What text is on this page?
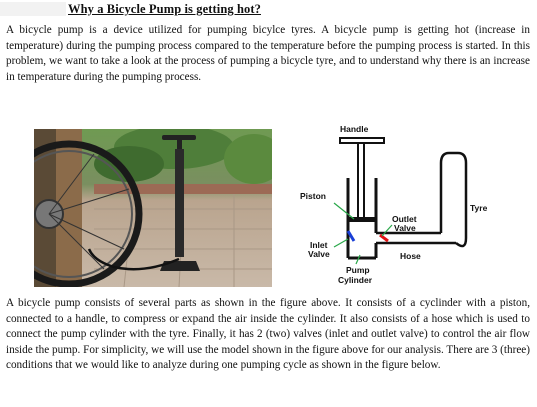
Why a Bicycle Pump is getting hot?

A bicycle pump is a device utilized for pumping bicylce tyres. A bicycle pump is getting hot (increase in temperature) during the pumping process compared to the temperature before the pumping process is started. In this problem, we want to take a look at the process of pumping a bicycle tyre, and to understand why there is an increase in temperature during the pumping process.

Handle
Piston
Tyre
Outlet
Valve
Inlet
Valve	Hose
Pump
Cylinder

A bicycle pump consists of several parts as shown in the figure above. It consists of a cyclinder with a piston, connected to a handle, to compress or expand the air inside the cylinder. It also consists of a hose which is used to connect the pump cylinder with the tyre. Finally, it has 2 (two) valves (inlet and outlet valve) to control the air flow inside the pump. For simplicity, we will use the model shown in the figure above for our analysis. There are 3 (three) conditions that we would like to analyze during one pumping cycle as shown in the figure below.
